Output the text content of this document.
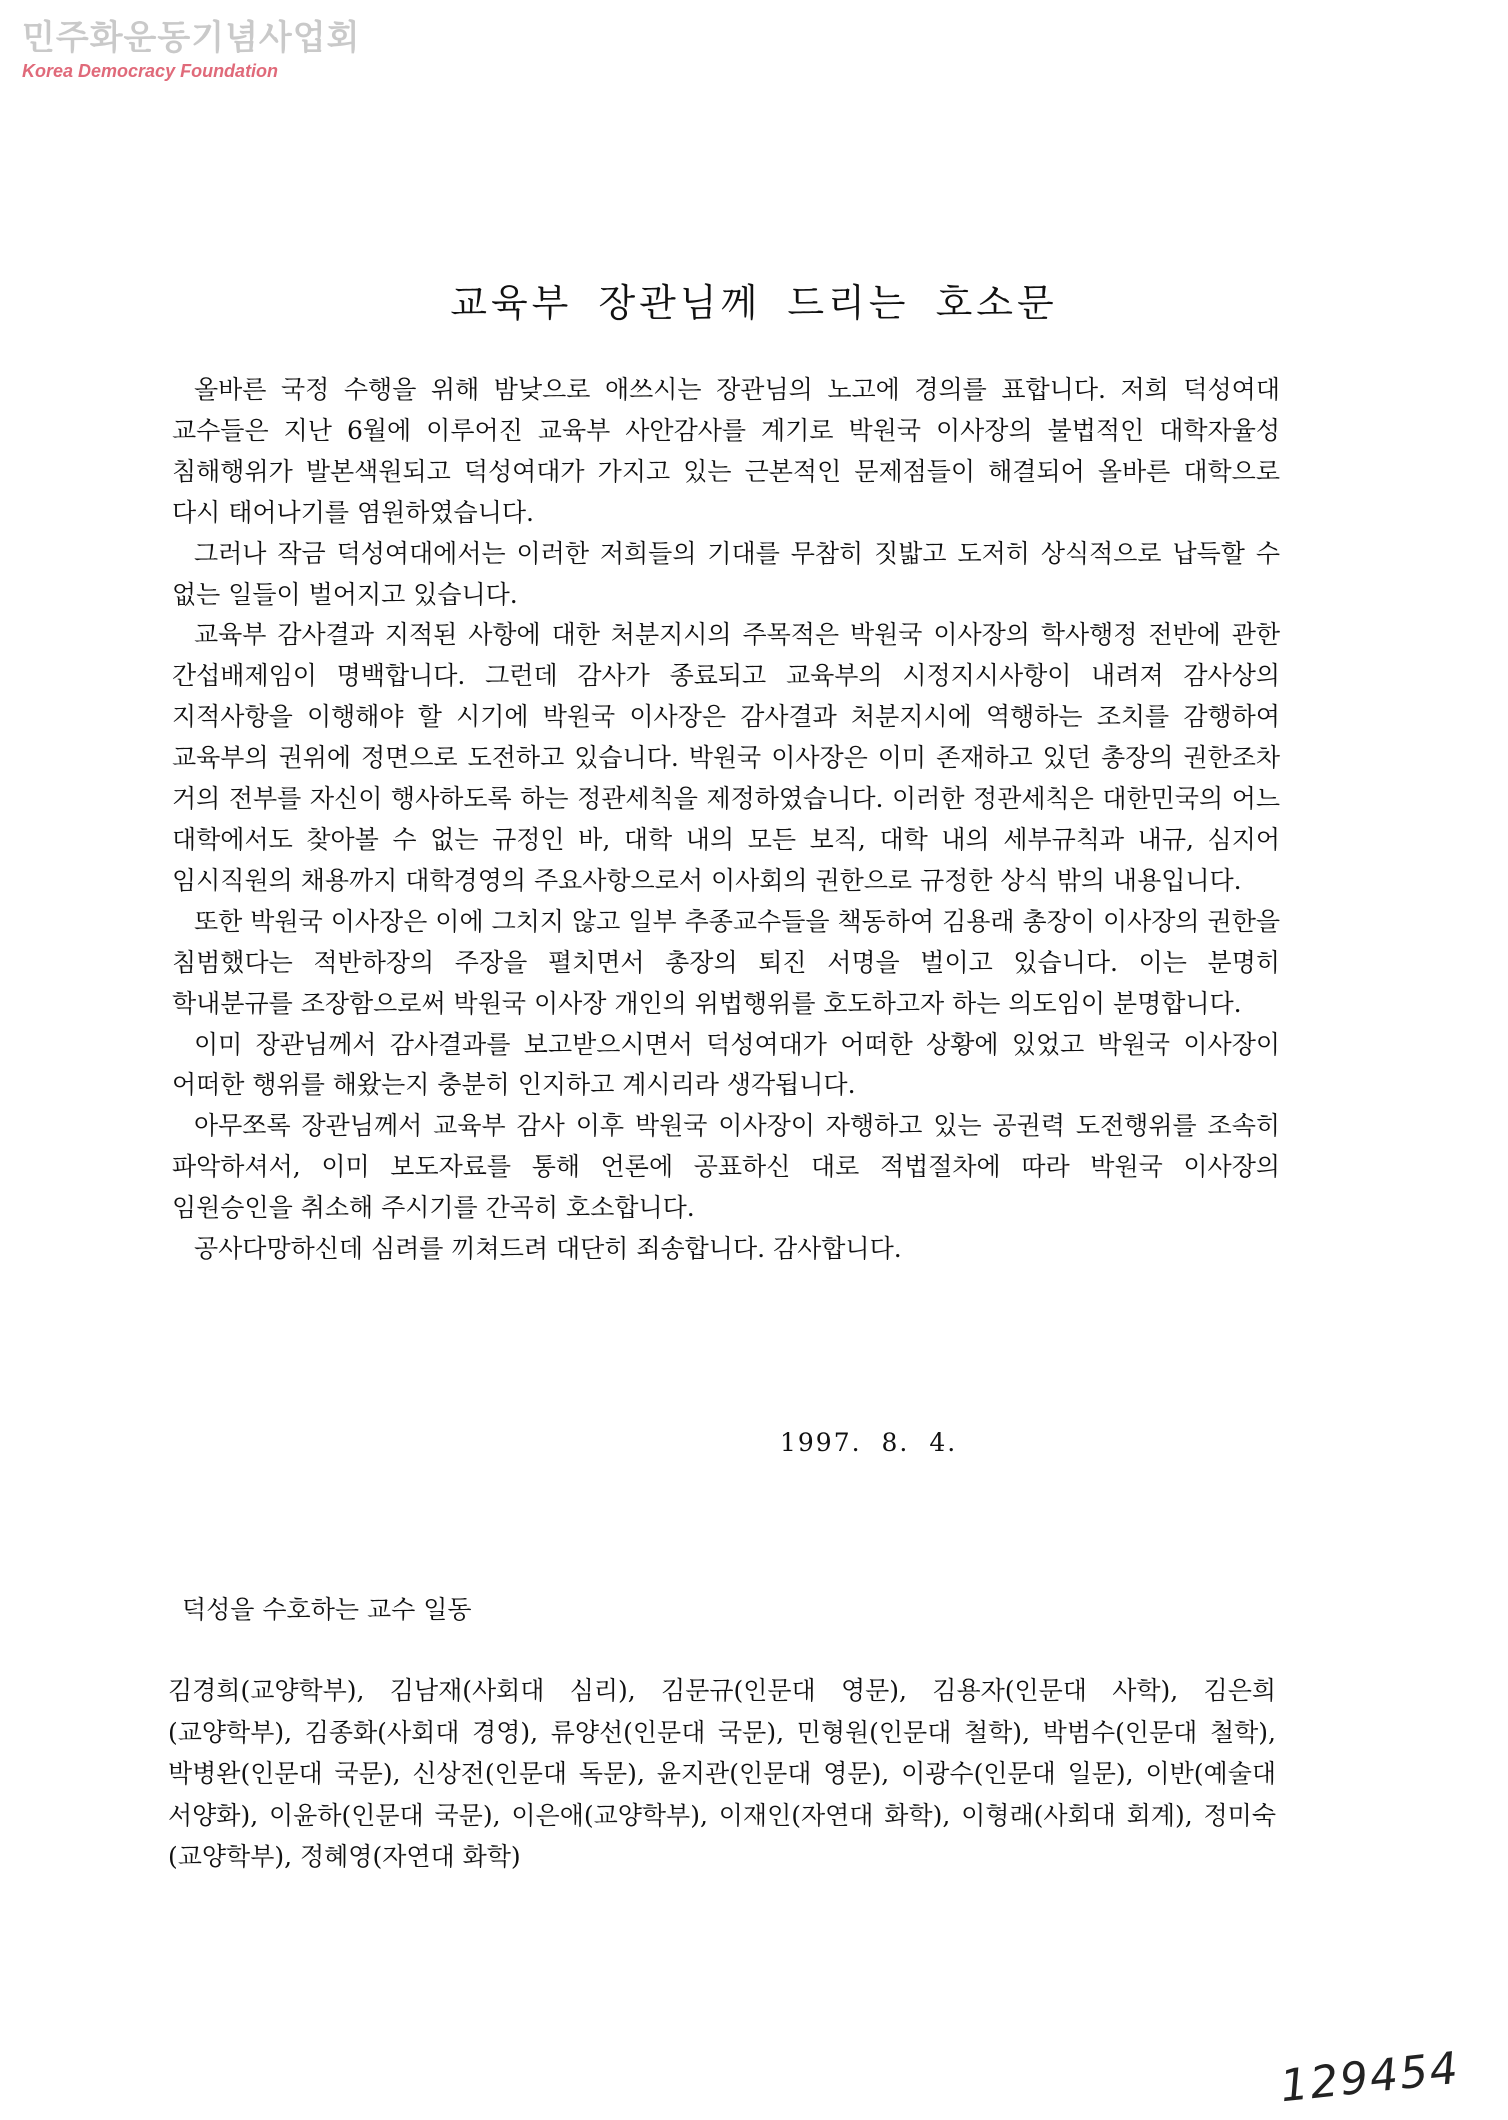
민주화운동기념사업회
Korea Democracy Foundation
교육부 장관님께 드리는 호소문

올바른 국정 수행을 위해 밤낮으로 애쓰시는 장관님의 노고에 경의를 표합니다. 저희 덕성여대 교수들은 지난 6월에 이루어진 교육부 사안감사를 계기로 박원국 이사장의 불법적인 대학자율성 침해행위가 발본색원되고 덕성여대가 가지고 있는 근본적인 문제점들이 해결되어 올바른 대학으로 다시 태어나기를 염원하였습니다.

그러나 작금 덕성여대에서는 이러한 저희들의 기대를 무참히 짓밟고 도저히 상식적으로 납득할 수 없는 일들이 벌어지고 있습니다.

교육부 감사결과 지적된 사항에 대한 처분지시의 주목적은 박원국 이사장의 학사행정 전반에 관한 간섭배제임이 명백합니다. 그런데 감사가 종료되고 교육부의 시정지시사항이 내려져 감사상의 지적사항을 이행해야 할 시기에 박원국 이사장은 감사결과 처분지시에 역행하는 조치를 감행하여 교육부의 권위에 정면으로 도전하고 있습니다. 박원국 이사장은 이미 존재하고 있던 총장의 권한조차 거의 전부를 자신이 행사하도록 하는 정관세칙을 제정하였습니다. 이러한 정관세칙은 대한민국의 어느 대학에서도 찾아볼 수 없는 규정인 바, 대학 내의 모든 보직, 대학 내의 세부규칙과 내규, 심지어 임시직원의 채용까지 대학경영의 주요사항으로서 이사회의 권한으로 규정한 상식 밖의 내용입니다.

또한 박원국 이사장은 이에 그치지 않고 일부 추종교수들을 책동하여 김용래 총장이 이사장의 권한을 침범했다는 적반하장의 주장을 펼치면서 총장의 퇴진 서명을 벌이고 있습니다. 이는 분명히 학내분규를 조장함으로써 박원국 이사장 개인의 위법행위를 호도하고자 하는 의도임이 분명합니다.

이미 장관님께서 감사결과를 보고받으시면서 덕성여대가 어떠한 상황에 있었고 박원국 이사장이 어떠한 행위를 해왔는지 충분히 인지하고 계시리라 생각됩니다.

아무쪼록 장관님께서 교육부 감사 이후 박원국 이사장이 자행하고 있는 공권력 도전행위를 조속히 파악하셔서, 이미 보도자료를 통해 언론에 공표하신 대로 적법절차에 따라 박원국 이사장의 임원승인을 취소해 주시기를 간곡히 호소합니다.

공사다망하신데 심려를 끼쳐드려 대단히 죄송합니다. 감사합니다.

1997. 8. 4.
덕성을 수호하는 교수 일동
김경희(교양학부), 김남재(사회대 심리), 김문규(인문대 영문), 김용자(인문대 사학), 김은희(교양학부), 김종화(사회대 경영), 류양선(인문대 국문), 민형원(인문대 철학), 박범수(인문대 철학), 박병완(인문대 국문), 신상전(인문대 독문), 윤지관(인문대 영문), 이광수(인문대 일문), 이반(예술대 서양화), 이윤하(인문대 국문), 이은애(교양학부), 이재인(자연대 화학), 이형래(사회대 회계), 정미숙(교양학부), 정혜영(자연대 화학)
129454
